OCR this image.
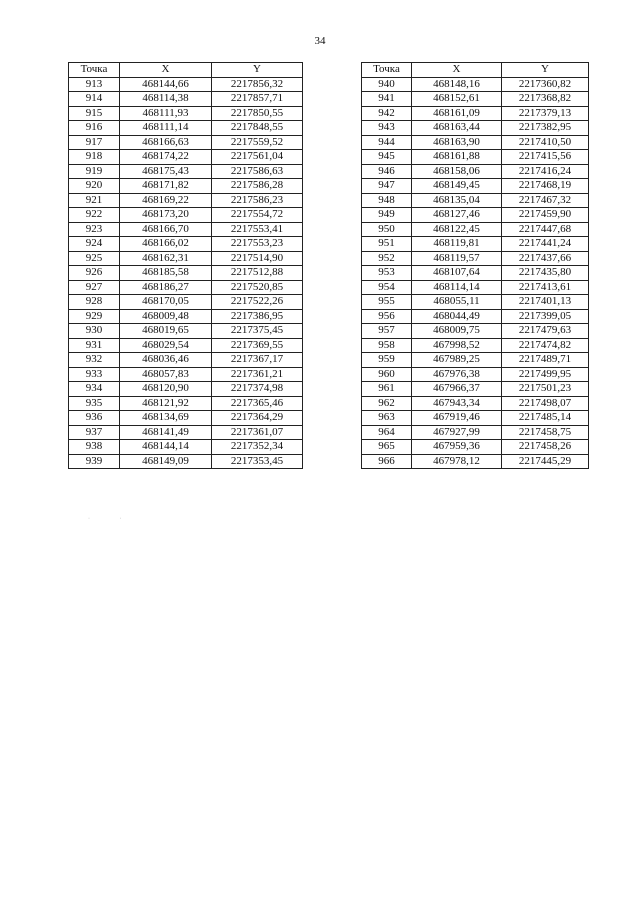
34
Точка	X	Y
913	468144,66	2217856,32
914	468114,38	2217857,71
915	468111,93	2217850,55
916	468111,14	2217848,55
917	468166,63	2217559,52
918	468174,22	2217561,04
919	468175,43	2217586,63
920	468171,82	2217586,28
921	468169,22	2217586,23
922	468173,20	2217554,72
923	468166,70	2217553,41
924	468166,02	2217553,23
925	468162,31	2217514,90
926	468185,58	2217512,88
927	468186,27	2217520,85
928	468170,05	2217522,26
929	468009,48	2217386,95
930	468019,65	2217375,45
931	468029,54	2217369,55
932	468036,46	2217367,17
933	468057,83	2217361,21
934	468120,90	2217374,98
935	468121,92	2217365,46
936	468134,69	2217364,29
937	468141,49	2217361,07
938	468144,14	2217352,34
939	468149,09	2217353,45
Точка	X	Y
940	468148,16	2217360,82
941	468152,61	2217368,82
942	468161,09	2217379,13
943	468163,44	2217382,95
944	468163,90	2217410,50
945	468161,88	2217415,56
946	468158,06	2217416,24
947	468149,45	2217468,19
948	468135,04	2217467,32
949	468127,46	2217459,90
950	468122,45	2217447,68
951	468119,81	2217441,24
952	468119,57	2217437,66
953	468107,64	2217435,80
954	468114,14	2217413,61
955	468055,11	2217401,13
956	468044,49	2217399,05
957	468009,75	2217479,63
958	467998,52	2217474,82
959	467989,25	2217489,71
960	467976,38	2217499,95
961	467966,37	2217501,23
962	467943,34	2217498,07
963	467919,46	2217485,14
964	467927,99	2217458,75
965	467959,36	2217458,26
966	467978,12	2217445,29
· ·
